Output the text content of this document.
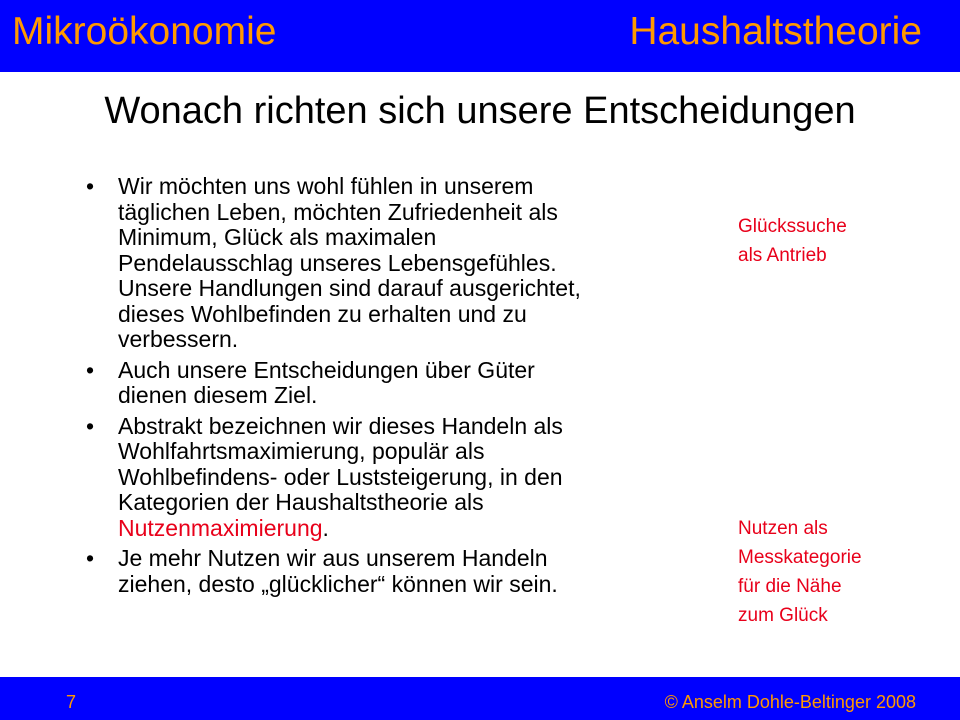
Mikroökonomie	Haushaltstheorie
Wonach richten sich unsere Entscheidungen
• Wir möchten uns wohl fühlen in unserem
täglichen Leben, möchten Zufriedenheit als
Minimum, Glück als maximalen
Pendelausschlag unseres Lebensgefühles.
Unsere Handlungen sind darauf ausgerichtet,
dieses Wohlbefinden zu erhalten und zu
verbessern.
• Auch unsere Entscheidungen über Güter
dienen diesem Ziel.
• Abstrakt bezeichnen wir dieses Handeln als
Wohlfahrtsmaximierung, populär als
Wohlbefindens- oder Luststeigerung, in den
Kategorien der Haushaltstheorie als
Nutzenmaximierung.
• Je mehr Nutzen wir aus unserem Handeln
ziehen, desto „glücklicher“ können wir sein.
Glückssuche
als Antrieb
Nutzen als
Messkategorie
für die Nähe
zum Glück
7	© Anselm Dohle-Beltinger 2008
